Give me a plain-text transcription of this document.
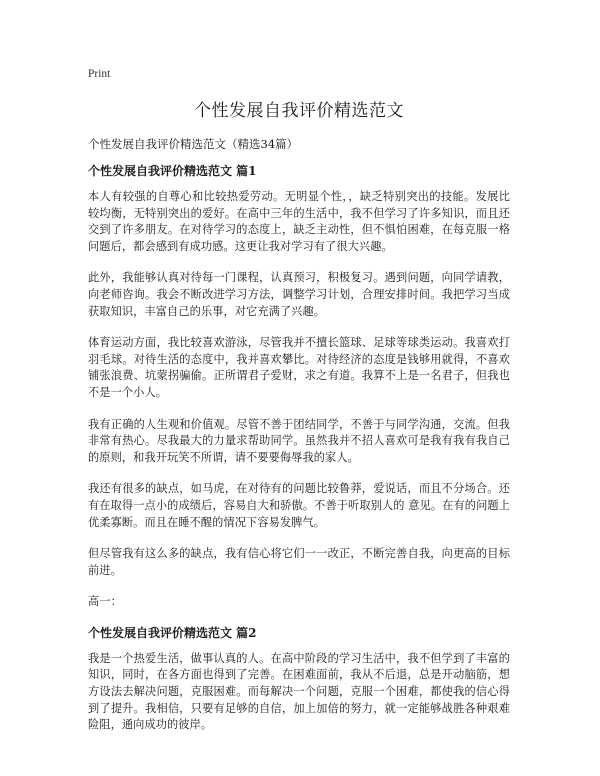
Print
个性发展自我评价精选范文

个性发展自我评价精选范文（精选34篇）

个性发展自我评价精选范文 篇1

本人有较强的自尊心和比较热爱劳动。无明显个性，，缺乏特别突出的技能。发展比较均衡，无特别突出的爱好。在高中三年的生活中，我不但学习了许多知识，而且还交到了许多朋友。在对待学习的态度上，缺乏主动性，但不惧怕困难，在每克服一格问题后，都会感到有成功感。这更让我对学习有了很大兴趣。

此外，我能够认真对待每一门课程，认真预习，积极复习。遇到问题，向同学请教，向老师咨询。我会不断改进学习方法，调整学习计划，合理安排时间。我把学习当成获取知识，丰富自己的乐事，对它充满了兴趣。

体育运动方面，我比较喜欢游泳，尽管我并不擅长篮球、足球等球类运动。我喜欢打羽毛球。对待生活的态度中，我并喜欢攀比。对待经济的态度是钱够用就得，不喜欢铺张浪费、坑蒙拐骗偷。正所谓君子爱财，求之有道。我算不上是一名君子，但我也不是一个小人。

我有正确的人生观和价值观。尽管不善于团结同学，不善于与同学沟通，交流。但我非常有热心。尽我最大的力量求帮助同学。虽然我并不招人喜欢可是我有我有我自己的原则，和我开玩笑不所谓，请不要要侮辱我的家人。

我还有很多的缺点，如马虎，在对待有的问题比较鲁莽，爱说话，而且不分场合。还有在取得一点小的成绩后，容易自大和骄傲。不善于听取别人的 意见。在有的问题上优柔寡断。而且在睡不醒的情况下容易发脾气。

但尽管我有这么多的缺点，我有信心将它们一一改正，不断完善自我，向更高的目标前进。

高一：

个性发展自我评价精选范文 篇2

我是一个热爱生活，做事认真的人。在高中阶段的学习生活中，我不但学到了丰富的知识，同时，在各方面也得到了完善。在困难面前，我从不后退，总是开动脑筋，想方设法去解决问题，克服困难。而每解决一个问题，克服一个困难，都使我的信心得到了提升。我相信，只要有足够的自信，加上加倍的努力，就一定能够战胜各种艰难险阻，通向成功的彼岸。
